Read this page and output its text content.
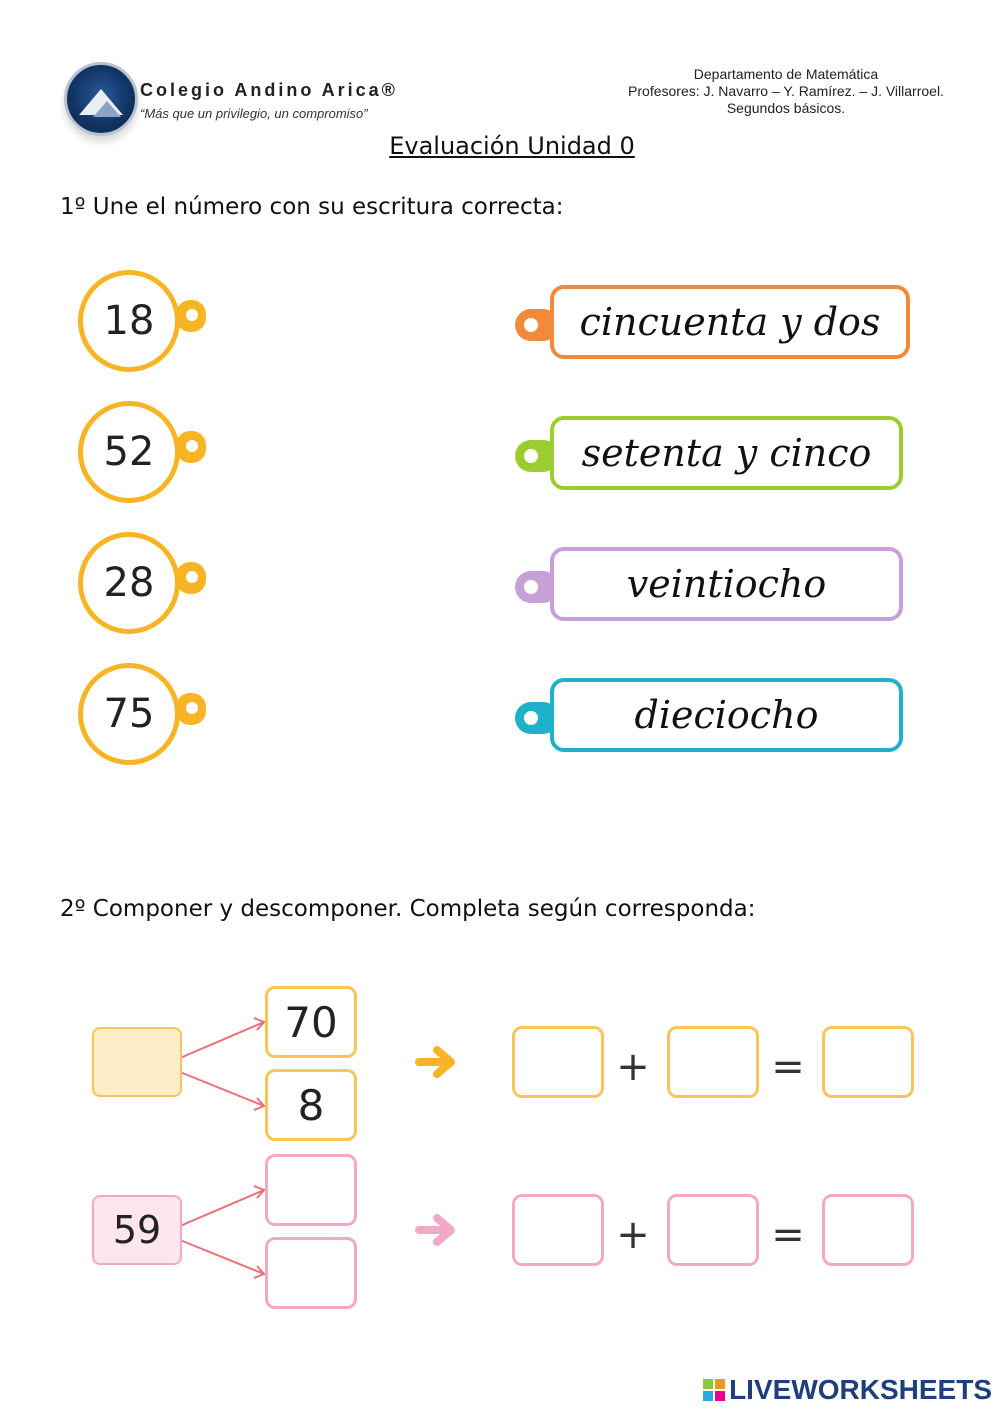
Colegio Andino Arica®
“Más que un privilegio, un compromiso”
Departamento de Matemática
Profesores: J. Navarro – Y. Ramírez. – J. Villarroel.
Segundos básicos.
Evaluación Unidad 0
1º Une el número con su escritura correcta:
18
52
28
75
cincuenta y dos
setenta y cinco
veintiocho
dieciocho
2º Componer y descomponer. Completa según corresponda:
70
8
+	=
59	+	=
LIVEWORKSHEETS
